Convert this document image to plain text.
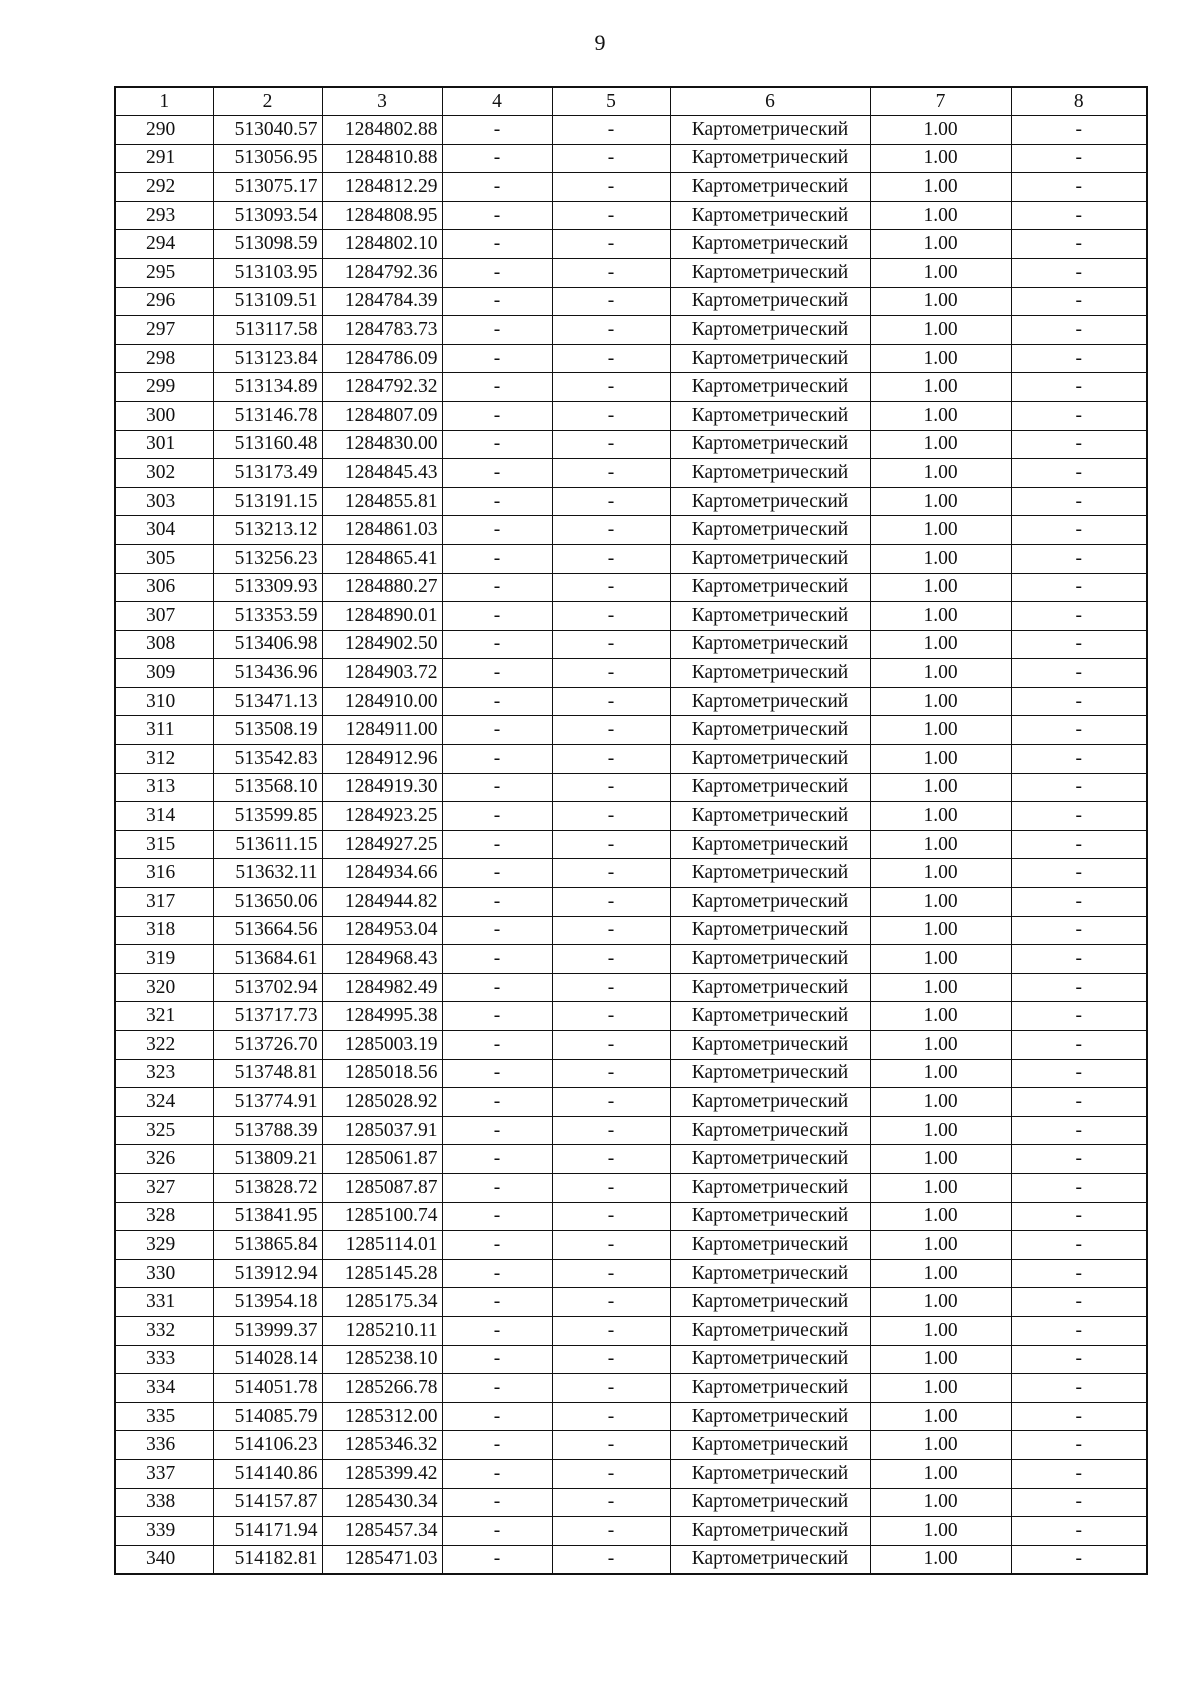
9
1	2	3	4	5	6	7	8
290	513040.57	1284802.88	-	-	Картометрический	1.00	-
291	513056.95	1284810.88	-	-	Картометрический	1.00	-
292	513075.17	1284812.29	-	-	Картометрический	1.00	-
293	513093.54	1284808.95	-	-	Картометрический	1.00	-
294	513098.59	1284802.10	-	-	Картометрический	1.00	-
295	513103.95	1284792.36	-	-	Картометрический	1.00	-
296	513109.51	1284784.39	-	-	Картометрический	1.00	-
297	513117.58	1284783.73	-	-	Картометрический	1.00	-
298	513123.84	1284786.09	-	-	Картометрический	1.00	-
299	513134.89	1284792.32	-	-	Картометрический	1.00	-
300	513146.78	1284807.09	-	-	Картометрический	1.00	-
301	513160.48	1284830.00	-	-	Картометрический	1.00	-
302	513173.49	1284845.43	-	-	Картометрический	1.00	-
303	513191.15	1284855.81	-	-	Картометрический	1.00	-
304	513213.12	1284861.03	-	-	Картометрический	1.00	-
305	513256.23	1284865.41	-	-	Картометрический	1.00	-
306	513309.93	1284880.27	-	-	Картометрический	1.00	-
307	513353.59	1284890.01	-	-	Картометрический	1.00	-
308	513406.98	1284902.50	-	-	Картометрический	1.00	-
309	513436.96	1284903.72	-	-	Картометрический	1.00	-
310	513471.13	1284910.00	-	-	Картометрический	1.00	-
311	513508.19	1284911.00	-	-	Картометрический	1.00	-
312	513542.83	1284912.96	-	-	Картометрический	1.00	-
313	513568.10	1284919.30	-	-	Картометрический	1.00	-
314	513599.85	1284923.25	-	-	Картометрический	1.00	-
315	513611.15	1284927.25	-	-	Картометрический	1.00	-
316	513632.11	1284934.66	-	-	Картометрический	1.00	-
317	513650.06	1284944.82	-	-	Картометрический	1.00	-
318	513664.56	1284953.04	-	-	Картометрический	1.00	-
319	513684.61	1284968.43	-	-	Картометрический	1.00	-
320	513702.94	1284982.49	-	-	Картометрический	1.00	-
321	513717.73	1284995.38	-	-	Картометрический	1.00	-
322	513726.70	1285003.19	-	-	Картометрический	1.00	-
323	513748.81	1285018.56	-	-	Картометрический	1.00	-
324	513774.91	1285028.92	-	-	Картометрический	1.00	-
325	513788.39	1285037.91	-	-	Картометрический	1.00	-
326	513809.21	1285061.87	-	-	Картометрический	1.00	-
327	513828.72	1285087.87	-	-	Картометрический	1.00	-
328	513841.95	1285100.74	-	-	Картометрический	1.00	-
329	513865.84	1285114.01	-	-	Картометрический	1.00	-
330	513912.94	1285145.28	-	-	Картометрический	1.00	-
331	513954.18	1285175.34	-	-	Картометрический	1.00	-
332	513999.37	1285210.11	-	-	Картометрический	1.00	-
333	514028.14	1285238.10	-	-	Картометрический	1.00	-
334	514051.78	1285266.78	-	-	Картометрический	1.00	-
335	514085.79	1285312.00	-	-	Картометрический	1.00	-
336	514106.23	1285346.32	-	-	Картометрический	1.00	-
337	514140.86	1285399.42	-	-	Картометрический	1.00	-
338	514157.87	1285430.34	-	-	Картометрический	1.00	-
339	514171.94	1285457.34	-	-	Картометрический	1.00	-
340	514182.81	1285471.03	-	-	Картометрический	1.00	-
